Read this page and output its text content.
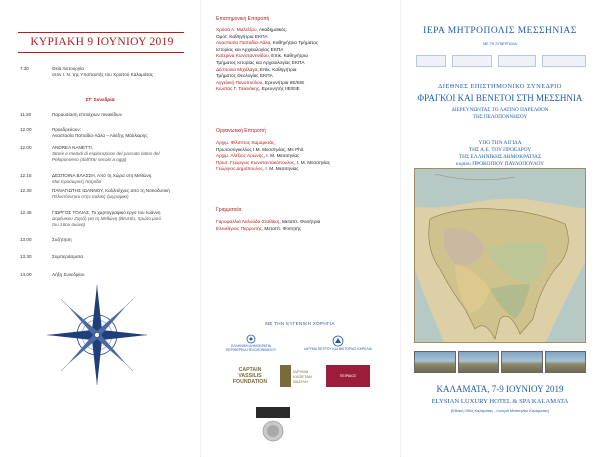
ΚΥΡΙΑΚΗ 9 ΙΟΥΝΙΟΥ 2019
7.30	Θεία Λειτουργία
στον Ι. Ν. της Υπαπαντής του Χριστού Καλαμάτας
ΣΤ' Συνεδρία
11.30	Παρουσίαση επιτοίχιων πινακίδων
12.00	Προεδρεύουν:
Αναστασία Παπαδία-Λάλα – Αλέξης Μάλλιαρης
12.00	ANDREA NANETTI,
Storie e metodi di esplorazione del passato latino del
Peloponneso (dall'XIII secolo a oggi)
12.15	ΔΕΣΠΟΙΝΑ ΒΛΑΣΣΗ, Από τη Χώρα στη Μεθώνη.
Μια προσωρινή πατρίδα
12.30	ΠΑΝΑΓΙΩΤΗΣ ΙΩΑΝΝΟΥ, Καλλιτέχνες από τη Νοτιοδυτική
Πελοπόννησο στην ιταλική ζωγραφική
12.45	ΓΙΩΡΓΟΣ ΤΟΛΙΑΣ, Το χαρτογραφικό έργο του Ιωάννη
Δομένικου Ζαρζή για τη Μεθώνη (Βενετία, πρώτο μισό
του 16ου αιώνα)
13.00	Συζήτηση
13.30	Συμπεράσματα
14.00	Λήξη Συνεδρίου
Επιστημονική Επιτροπή
Χρύσα Α. Μαλτέζου, Ακαδημαϊκός,
Ομότ. Καθηγήτρια ΕΚΠΑ
Αναστασία Παπαδία-Λάλα, Καθηγήτρια Τμήματος
Ιστορίας και Αρχαιολογίας ΕΚΠΑ
Κατερίνα Κωνσταντινίδου, Επίκ. Καθηγήτρια
Τμήματος Ιστορίας και Αρχαιολογίας ΕΚΠΑ
Δέσποινα Μιχάλαγα, Επίκ. Καθηγήτρια
Τμήματος Θεολογίας ΕΚΠΑ
Αγγελική Πανοπούλου, Ερευνήτρια ΙΙΕ/ΕΙΕ
Κώστας Γ. Τσικνάκης, Ερευνητής ΙΙΕ/ΕΙΕ
Οργανωτική Επιτροπή
Αρχιμ. Φίλιππος Χαμαρκτάς,
Πρωτοσύγκελλος Ι.Μ. Μεσσηνίας, Ms Phil.
Αρχιμ. Αλέξιος Αρώνης, Ι. Μ. Μεσσηνίας
Πρωτ. Γεώργιος Κωνσταντακόπουλος, Ι. Μ. Μεσσηνίας
Γεώργιος Δημόπουλος, Ι. Μ. Μεσσηνίας
Γραμματεία
Γαρυφαλλιά Λαλούδα-Σταθάκη, Μεταπτ. Φοιτήτρια
Ελευθέριος Περρωτής, Μεταπτ. Φοιτητής
ΜΕ ΤΗΝ ΕΥΓΕΝΙΚΗ ΧΟΡΗΓΙΑ
ΕΛΛΗΝΙΚΗ ΔΗΜΟΚΡΑΤΙΑ
ΠΕΡΙΦΕΡΕΙΑ ΠΕΛΟΠΟΝΝΗΣΟΥ	ΙΔΡΥΜΑ ΠΕΤΡΟΥ ΚΑΙ ΒΙΚΤΩΡΙΑΣ ΚΑΡΕΛΙΑ
CAPTAIN
VASSILIS
FOUNDATION
ΙΔΡΥΜΑ
ΚΑΠΕΤΑΝ
ΒΑΣΙΛΗ
ΠΕΙΡΑΙΩΣ
ΙΕΡΑ ΜΗΤΡΟΠΟΛΙΣ ΜΕΣΣΗΝΙΑΣ
ΜΕ ΤΗ ΣΥΝΕΡΓΑΣΙΑ
ΔΙΕΘΝΕΣ ΕΠΙΣΤΗΜΟΝΙΚΟ ΣΥΝΕΔΡΙΟ
ΦΡΑΓΚΟΙ ΚΑΙ ΒΕΝΕΤΟΙ ΣΤΗ ΜΕΣΣΗΝΙΑ
ΔΙΕΡΕΥΝΩΝΤΑΣ ΤΟ ΛΑΤΙΝΟ ΠΑΡΕΛΘΟΝ
ΤΗΣ ΠΕΛΟΠΟΝΝΗΣΟΥ
ΥΠΟ ΤΗΝ ΑΙΓΙΔΑ
ΤΗΣ Α.Ε. ΤΟΥ ΠΡΟΕΔΡΟΥ
ΤΗΣ ΕΛΛΗΝΙΚΗΣ ΔΗΜΟΚΡΑΤΙΑΣ
κυρίου ΠΡΟΚΟΠΙΟΥ ΠΑΥΛΟΠΟΥΛΟΥ
ΚΑΛΑΜΑΤΑ, 7-9 ΙΟΥΝΙΟΥ 2019
ELYSIAN LUXURY HOTEL & SPA KALAMATA
(Εθνική Οδός Καλαμάτας - Λουτρά Μεσσηνίας Καλαμάτας)
